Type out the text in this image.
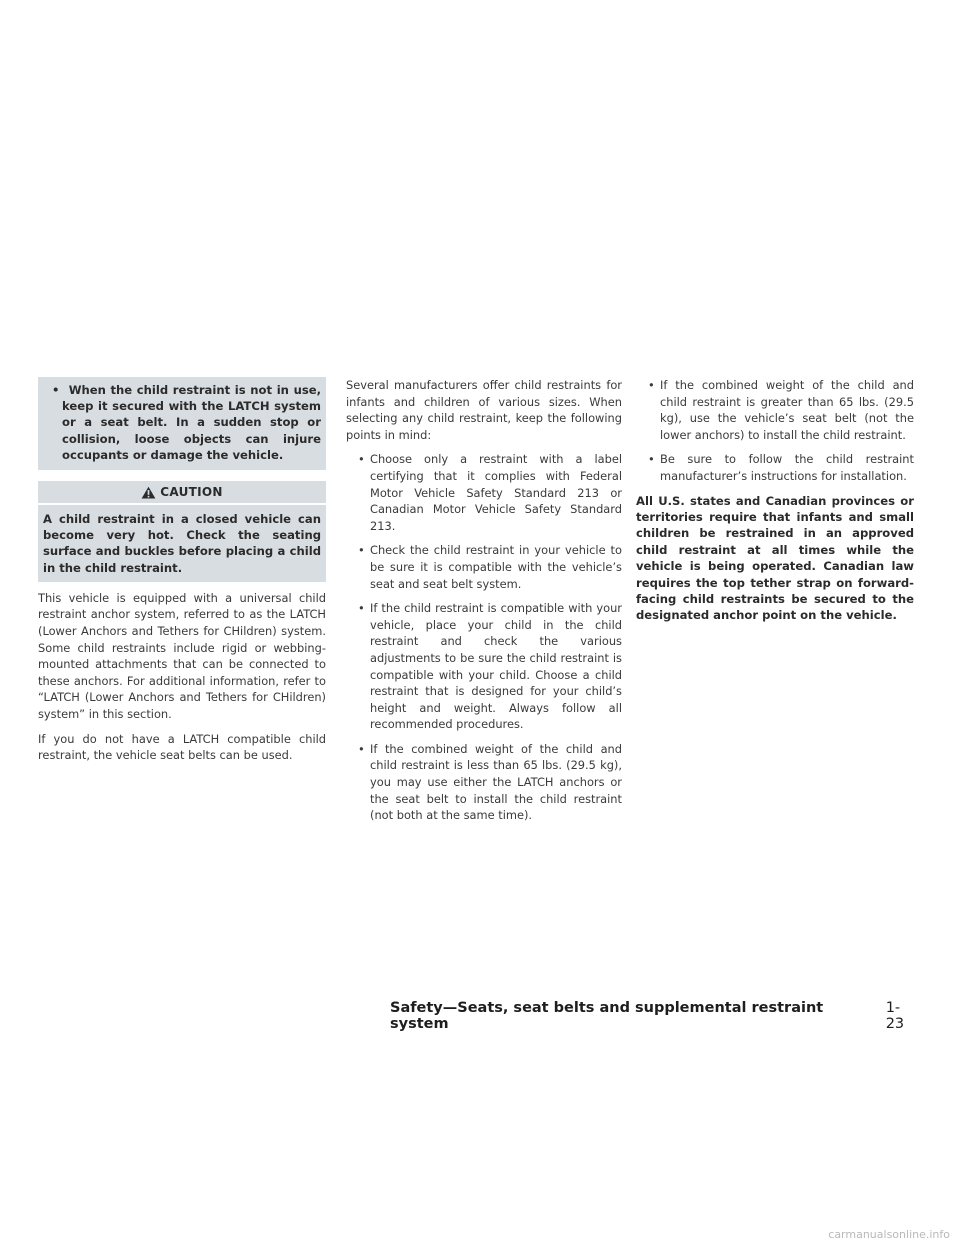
• When the child restraint is not in use, keep it secured with the LATCH system or a seat belt. In a sudden stop or collision, loose objects can injure occupants or damage the vehicle.
CAUTION
A child restraint in a closed vehicle can become very hot. Check the seating surface and buckles before placing a child in the child restraint.

This vehicle is equipped with a universal child restraint anchor system, referred to as the LATCH (Lower Anchors and Tethers for CHildren) system. Some child restraints include rigid or webbing-mounted attachments that can be connected to these anchors. For additional information, refer to “LATCH (Lower Anchors and Tethers for CHildren) system” in this section.

If you do not have a LATCH compatible child restraint, the vehicle seat belts can be used.

Several manufacturers offer child restraints for infants and children of various sizes. When selecting any child restraint, keep the following points in mind:

• Choose only a restraint with a label certifying that it complies with Federal Motor Vehicle Safety Standard 213 or Canadian Motor Vehicle Safety Standard 213.
• Check the child restraint in your vehicle to be sure it is compatible with the vehicle’s seat and seat belt system.
• If the child restraint is compatible with your vehicle, place your child in the child restraint and check the various adjustments to be sure the child restraint is compatible with your child. Choose a child restraint that is designed for your child’s height and weight. Always follow all recommended procedures.
• If the combined weight of the child and child restraint is less than 65 lbs. (29.5 kg), you may use either the LATCH anchors or the seat belt to install the child restraint (not both at the same time).
• If the combined weight of the child and child restraint is greater than 65 lbs. (29.5 kg), use the vehicle’s seat belt (not the lower anchors) to install the child restraint.
• Be sure to follow the child restraint manufacturer’s instructions for installation.

All U.S. states and Canadian provinces or territories require that infants and small children be restrained in an approved child restraint at all times while the vehicle is being operated. Canadian law requires the top tether strap on forward-facing child restraints be secured to the designated anchor point on the vehicle.

Safety—Seats, seat belts and supplemental restraint system
1-23
carmanualsonline.info
